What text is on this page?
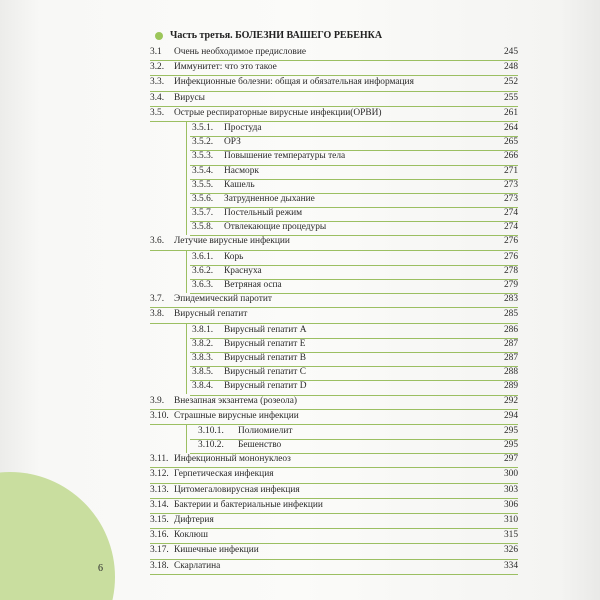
Часть третья. БОЛЕЗНИ ВАШЕГО РЕБЕНКА
3.1 Очень необходимое предисловие	245
3.2. Иммунитет: что это такое	248
3.3. Инфекционные болезни: общая и обязательная информация	252
3.4. Вирусы	255
3.5. Острые респираторные вирусные инфекции(ОРВИ)	261
3.5.1. Простуда	264
3.5.2. ОРЗ	265
3.5.3. Повышение температуры тела	266
3.5.4. Насморк	271
3.5.5. Кашель	273
3.5.6. Затрудненное дыхание	273
3.5.7. Постельный режим	274
3.5.8. Отвлекающие процедуры	274
3.6. Летучие вирусные инфекции	276
3.6.1. Корь	276
3.6.2. Краснуха	278
3.6.3. Ветряная оспа	279
3.7. Эпидемический паротит	283
3.8. Вирусный гепатит	285
3.8.1. Вирусный гепатит А	286
3.8.2. Вирусный гепатит Е	287
3.8.3. Вирусный гепатит В	287
3.8.5. Вирусный гепатит С	288
3.8.4. Вирусный гепатит D	289
3.9. Внезапная экзантема (розеола)	292
3.10. Страшные вирусные инфекции	294
3.10.1. Полиомиелит	295
3.10.2. Бешенство	295
3.11. Инфекционный мононуклеоз	297
3.12. Герпетическая инфекция	300
3.13. Цитомегаловирусная инфекция	303
3.14. Бактерии и бактериальные инфекции	306
3.15. Дифтерия	310
3.16. Коклюш	315
3.17. Кишечные инфекции	326
3.18. Скарлатина	334
6
